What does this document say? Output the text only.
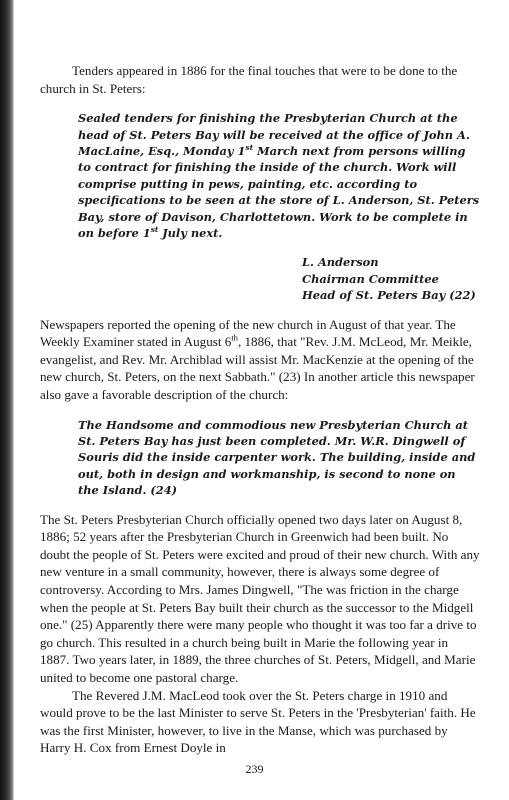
Tenders appeared in 1886 for the final touches that were to be done to the church in St. Peters:

Sealed tenders for finishing the Presbyterian Church at the head of St. Peters Bay will be received at the office of John A. MacLaine, Esq., Monday 1st March next from persons willing to contract for finishing the inside of the church. Work will comprise putting in pews, painting, etc. according to specifications to be seen at the store of L. Anderson, St. Peters Bay, store of Davison, Charlottetown. Work to be complete in on before 1st July next.

L. Anderson
Chairman Committee
Head of St. Peters Bay (22)

Newspapers reported the opening of the new church in August of that year. The Weekly Examiner stated in August 6th, 1886, that "Rev. J.M. McLeod, Mr. Meikle, evangelist, and Rev. Mr. Archiblad will assist Mr. MacKenzie at the opening of the new church, St. Peters, on the next Sabbath." (23) In another article this newspaper also gave a favorable description of the church:

The Handsome and commodious new Presbyterian Church at St. Peters Bay has just been completed. Mr. W.R. Dingwell of Souris did the inside carpenter work. The building, inside and out, both in design and workmanship, is second to none on the Island. (24)

The St. Peters Presbyterian Church officially opened two days later on August 8, 1886; 52 years after the Presbyterian Church in Greenwich had been built. No doubt the people of St. Peters were excited and proud of their new church. With any new venture in a small community, however, there is always some degree of controversy. According to Mrs. James Dingwell, "The was friction in the charge when the people at St. Peters Bay built their church as the successor to the Midgell one." (25) Apparently there were many people who thought it was too far a drive to go church. This resulted in a church being built in Marie the following year in 1887. Two years later, in 1889, the three churches of St. Peters, Midgell, and Marie united to become one pastoral charge.

The Revered J.M. MacLeod took over the St. Peters charge in 1910 and would prove to be the last Minister to serve St. Peters in the 'Presbyterian' faith. He was the first Minister, however, to live in the Manse, which was purchased by Harry H. Cox from Ernest Doyle in

239
